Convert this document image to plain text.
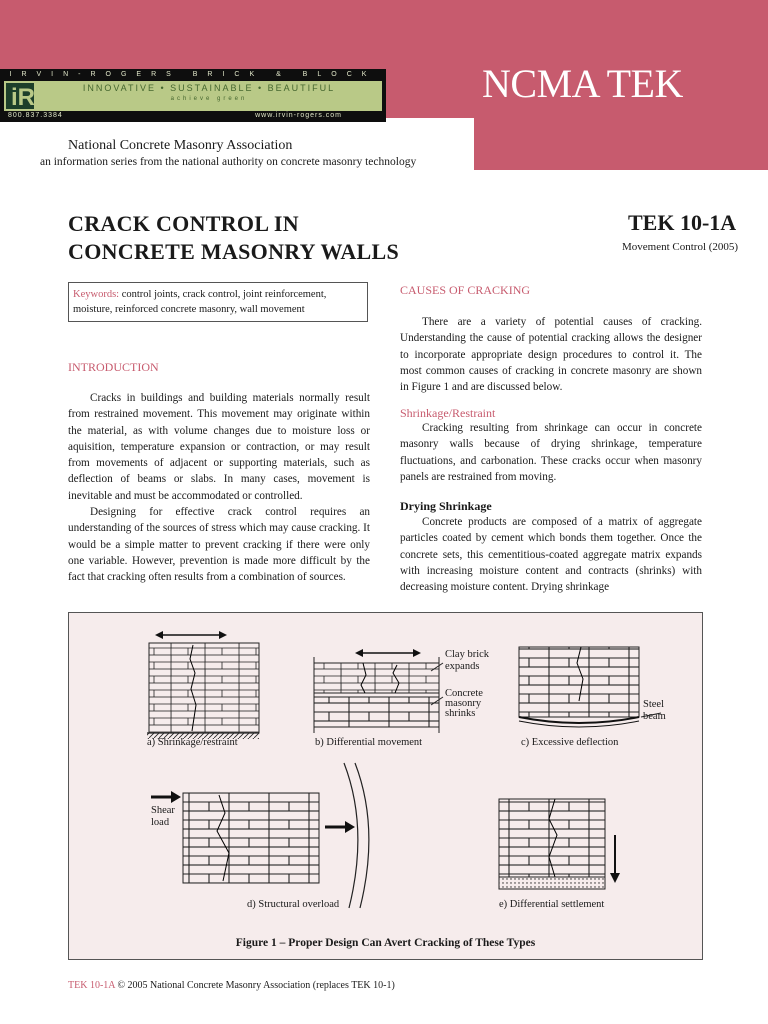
IRVIN-ROGERS BRICK & BLOCK
iR	INNOVATIVE • SUSTAINABLE • BEAUTIFUL
achieve green
800.837.3384	www.irvin-rogers.com
NCMA TEK
National Concrete Masonry Association
an information series from the national authority on concrete masonry technology
CRACK CONTROL IN
CONCRETE MASONRY WALLS
TEK 10-1A
Movement Control (2005)
Keywords: control joints, crack control, joint reinforcement, moisture, reinforced concrete masonry, wall movement
INTRODUCTION

Cracks in buildings and building materials normally result from restrained movement. This movement may originate within the material, as with volume changes due to moisture loss or aquisition, temperature expansion or contraction, or may result from movements of adjacent or supporting materials, such as deflection of beams or slabs. In many cases, movement is inevitable and must be accommodated or controlled.

Designing for effective crack control requires an understanding of the sources of stress which may cause cracking. It would be a simple matter to prevent cracking if there were only one variable. However, prevention is made more difficult by the fact that cracking often results from a combination of sources.

CAUSES OF CRACKING

There are a variety of potential causes of cracking. Understanding the cause of potential cracking allows the designer to incorporate appropriate design procedures to control it. The most common causes of cracking in concrete masonry are shown in Figure 1 and are discussed below.

Shrinkage/Restraint

Cracking resulting from shrinkage can occur in concrete masonry walls because of drying shrinkage, temperature fluctuations, and carbonation. These cracks occur when masonry panels are restrained from moving.

Drying Shrinkage

Concrete products are composed of a matrix of aggregate particles coated by cement which bonds them together. Once the concrete sets, this cementitious-coated aggregate matrix expands with increasing moisture content and contracts (shrinks) with decreasing moisture content. Drying shrinkage

a) Shrinkage/restraint	b) Differential movement	c) Excessive deflection
d) Structural overload	e) Differential settlement
Clay brick
expands
Concrete
masonry
shrinks
Steel
beam
Shear
load
Figure 1 – Proper Design Can Avert Cracking of These Types
TEK 10-1A © 2005 National Concrete Masonry Association (replaces TEK 10-1)
